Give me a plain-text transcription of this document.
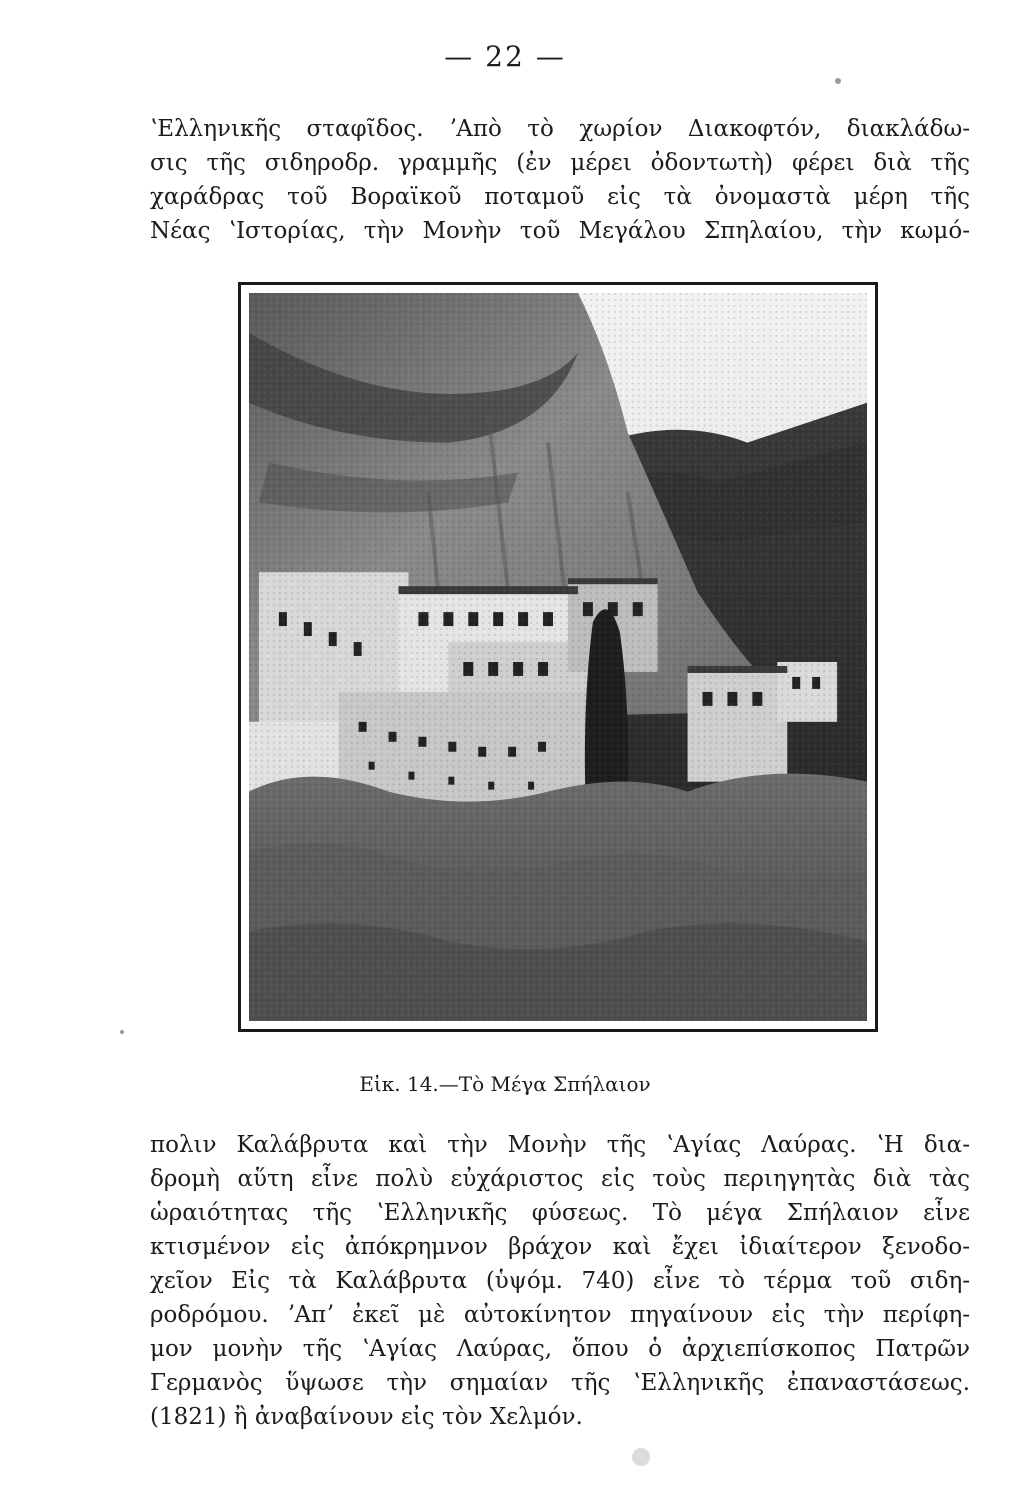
— 22 —
ʽΕλληνικῆς σταφῖδος. ʼΑπὸ τὸ χωρίον Διακοφτόν, διακλάδω-
σις τῆς σιδηροδρ. γραμμῆς (ἐν μέρει ὀδοντωτὴ) φέρει διὰ τῆς
χαράδρας τοῦ Βοραϊκοῦ ποταμοῦ εἰς τὰ ὀνομαστὰ μέρη τῆς
Νέας ʽΙστορίας, τὴν Μονὴν τοῦ Μεγάλου Σπηλαίου, τὴν κωμό-
Εἰκ. 14.—Τὸ Μέγα Σπήλαιον
πολιν Καλάβρυτα καὶ τὴν Μονὴν τῆς ʽΑγίας Λαύρας. ʽΗ δια-
δρομὴ αὕτη εἶνε πολὺ εὐχάριστος εἰς τοὺς περιηγητὰς διὰ τὰς
ὡραιότητας τῆς ʽΕλληνικῆς φύσεως. Τὸ μέγα Σπήλαιον εἶνε
κτισμένον εἰς ἀπόκρημνον βράχον καὶ ἔχει ἰδιαίτερον ξενοδο-
χεῖον Εἰς τὰ Καλάβρυτα (ὑψόμ. 740) εἶνε τὸ τέρμα τοῦ σιδη-
ροδρόμου. ʼΑπʼ ἐκεῖ μὲ αὐτοκίνητον πηγαίνουν εἰς τὴν περίφη-
μον μονὴν τῆς ʽΑγίας Λαύρας, ὅπου ὁ ἀρχιεπίσκοπος Πατρῶν
Γερμανὸς ὕψωσε τὴν σημαίαν τῆς ʽΕλληνικῆς ἐπαναστάσεως.
(1821) ἢ ἀναβαίνουν εἰς τὸν Χελμόν.
